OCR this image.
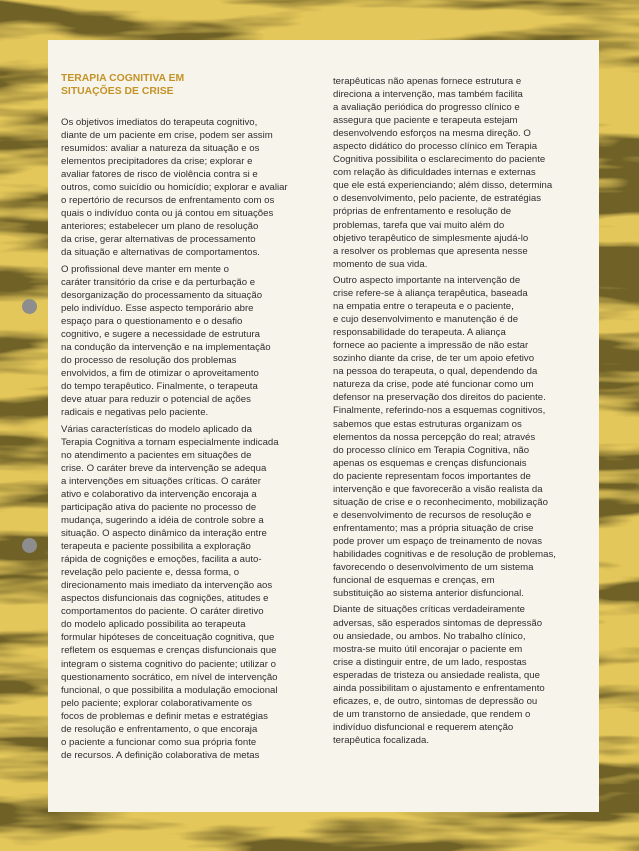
TERAPIA COGNITIVA EM
SITUAÇÕES DE CRISE

Os objetivos imediatos do terapeuta cognitivo,
diante de um paciente em crise, podem ser assim
resumidos: avaliar a natureza da situação e os
elementos precipitadores da crise; explorar e
avaliar fatores de risco de violência contra si e
outros, como suicídio ou homicídio; explorar e avaliar
o repertório de recursos de enfrentamento com os
quais o indivíduo conta ou já contou em situações
anteriores; estabelecer um plano de resolução
da crise, gerar alternativas de processamento
da situação e alternativas de comportamentos.

O profissional deve manter em mente o
caráter transitório da crise e da perturbação e
desorganização do processamento da situação
pelo indivíduo. Esse aspecto temporário abre
espaço para o questionamento e o desafio
cognitivo, e sugere a necessidade de estrutura
na condução da intervenção e na implementação
do processo de resolução dos problemas
envolvidos, a fim de otimizar o aproveitamento
do tempo terapêutico. Finalmente, o terapeuta
deve atuar para reduzir o potencial de ações
radicais e negativas pelo paciente.

Várias características do modelo aplicado da
Terapia Cognitiva a tornam especialmente indicada
no atendimento a pacientes em situações de
crise. O caráter breve da intervenção se adequa
a intervenções em situações críticas. O caráter
ativo e colaborativo da intervenção encoraja a
participação ativa do paciente no processo de
mudança, sugerindo a idéia de controle sobre a
situação. O aspecto dinâmico da interação entre
terapeuta e paciente possibilita a exploração
rápida de cognições e emoções, facilita a auto-
revelação pelo paciente e, dessa forma, o
direcionamento mais imediato da intervenção aos
aspectos disfuncionais das cognições, atitudes e
comportamentos do paciente. O caráter diretivo
do modelo aplicado possibilita ao terapeuta
formular hipóteses de conceituação cognitiva, que
refletem os esquemas e crenças disfuncionais que
integram o sistema cognitivo do paciente; utilizar o
questionamento socrático, em nível de intervenção
funcional, o que possibilita a modulação emocional
pelo paciente; explorar colaborativamente os
focos de problemas e definir metas e estratégias
de resolução e enfrentamento, o que encoraja
o paciente a funcionar como sua própria fonte
de recursos. A definição colaborativa de metas

terapêuticas não apenas fornece estrutura e
direciona a intervenção, mas também facilita
a avaliação periódica do progresso clínico e
assegura que paciente e terapeuta estejam
desenvolvendo esforços na mesma direção. O
aspecto didático do processo clínico em Terapia
Cognitiva possibilita o esclarecimento do paciente
com relação às dificuldades internas e externas
que ele está experienciando; além disso, determina
o desenvolvimento, pelo paciente, de estratégias
próprias de enfrentamento e resolução de
problemas, tarefa que vai muito além do
objetivo terapêutico de simplesmente ajudá-lo
a resolver os problemas que apresenta nesse
momento de sua vida.

Outro aspecto importante na intervenção de
crise refere-se à aliança terapêutica, baseada
na empatia entre o terapeuta e o paciente,
e cujo desenvolvimento e manutenção é de
responsabilidade do terapeuta. A aliança
fornece ao paciente a impressão de não estar
sozinho diante da crise, de ter um apoio efetivo
na pessoa do terapeuta, o qual, dependendo da
natureza da crise, pode até funcionar como um
defensor na preservação dos direitos do paciente.
Finalmente, referindo-nos a esquemas cognitivos,
sabemos que estas estruturas organizam os
elementos da nossa percepção do real; através
do processo clínico em Terapia Cognitiva, não
apenas os esquemas e crenças disfuncionais
do paciente representam focos importantes de
intervenção e que favorecerão a visão realista da
situação de crise e o reconhecimento, mobilização
e desenvolvimento de recursos de resolução e
enfrentamento; mas a própria situação de crise
pode prover um espaço de treinamento de novas
habilidades cognitivas e de resolução de problemas,
favorecendo o desenvolvimento de um sistema
funcional de esquemas e crenças, em
substituição ao sistema anterior disfuncional.

Diante de situações críticas verdadeiramente
adversas, são esperados sintomas de depressão
ou ansiedade, ou ambos. No trabalho clínico,
mostra-se muito útil encorajar o paciente em
crise a distinguir entre, de um lado, respostas
esperadas de tristeza ou ansiedade realista, que
ainda possibilitam o ajustamento e enfrentamento
eficazes, e, de outro, sintomas de depressão ou
de um transtorno de ansiedade, que rendem o
indivíduo disfuncional e requerem atenção
terapêutica focalizada.
